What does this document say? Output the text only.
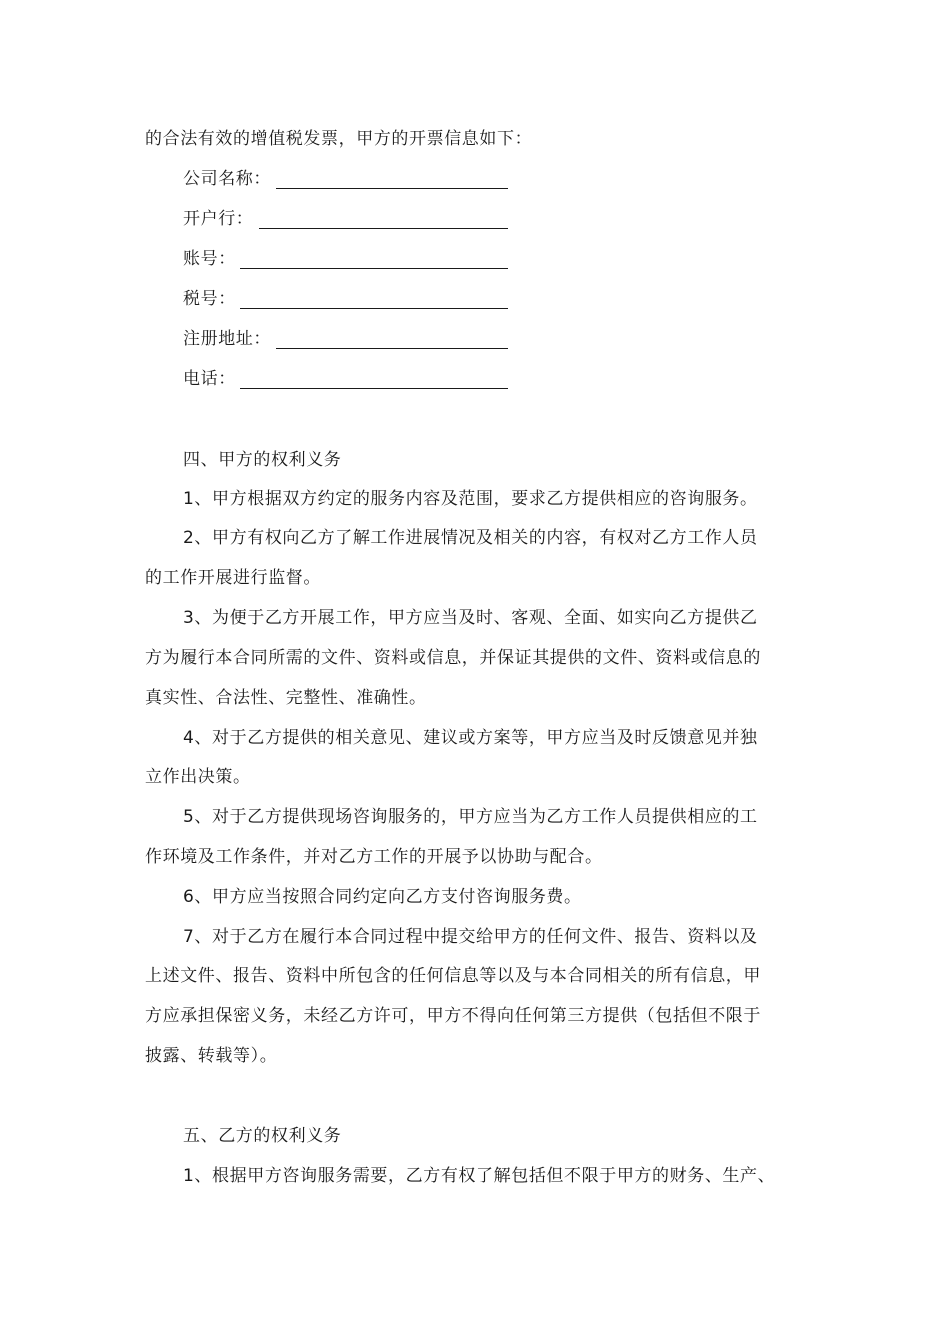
的合法有效的增值税发票，甲方的开票信息如下：
公司名称：
开户行：
账号：
税号：
注册地址：
电话：
四、甲方的权利义务
1、甲方根据双方约定的服务内容及范围，要求乙方提供相应的咨询服务。
2、甲方有权向乙方了解工作进展情况及相关的内容，有权对乙方工作人员
的工作开展进行监督。
3、为便于乙方开展工作，甲方应当及时、客观、全面、如实向乙方提供乙
方为履行本合同所需的文件、资料或信息，并保证其提供的文件、资料或信息的
真实性、合法性、完整性、准确性。
4、对于乙方提供的相关意见、建议或方案等，甲方应当及时反馈意见并独
立作出决策。
5、对于乙方提供现场咨询服务的，甲方应当为乙方工作人员提供相应的工
作环境及工作条件，并对乙方工作的开展予以协助与配合。
6、甲方应当按照合同约定向乙方支付咨询服务费。
7、对于乙方在履行本合同过程中提交给甲方的任何文件、报告、资料以及
上述文件、报告、资料中所包含的任何信息等以及与本合同相关的所有信息，甲
方应承担保密义务，未经乙方许可，甲方不得向任何第三方提供（包括但不限于
披露、转载等）。
五、乙方的权利义务
1、根据甲方咨询服务需要，乙方有权了解包括但不限于甲方的财务、生产、
